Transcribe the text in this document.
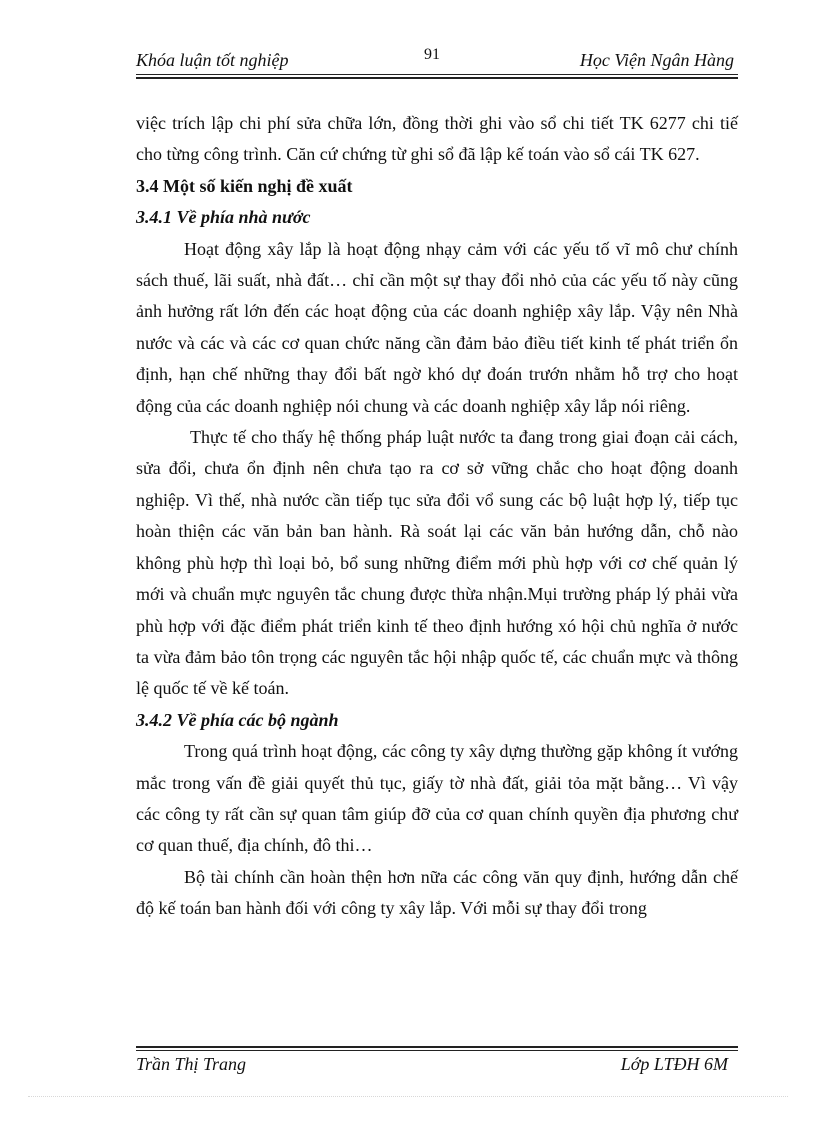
Khóa luận tốt nghiệp	91	Học Viện Ngân Hàng

việc trích lập chi phí sửa chữa lớn, đồng thời ghi vào sổ chi tiết TK 6277 chi tiế cho từng công trình. Căn cứ chứng từ ghi sổ đã lập kế toán vào sổ cái TK 627.

3.4 Một số kiến nghị đề xuất
3.4.1 Về phía nhà nước

Hoạt động xây lắp là hoạt động nhạy cảm với các yếu tố vĩ mô chư chính sách thuế, lãi suất, nhà đất… chỉ cần một sự thay đổi nhỏ của các yếu tố này cũng ảnh hưởng rất lớn đến các hoạt động của các doanh nghiệp xây lắp. Vậy nên Nhà nước và các và các cơ quan chức năng cần đảm bảo điều tiết kinh tế phát triển ổn định, hạn chế những thay đổi bất ngờ khó dự đoán trướn nhằm hỗ trợ cho hoạt động của các doanh nghiệp nói chung và các doanh nghiệp xây lắp nói riêng.

Thực tế cho thấy hệ thống pháp luật nước ta đang trong giai đoạn cải cách, sửa đổi, chưa ổn định nên chưa tạo ra cơ sở vững chắc cho hoạt động doanh nghiệp. Vì thế, nhà nước cần tiếp tục sửa đổi vổ sung các bộ luật hợp lý, tiếp tục hoàn thiện các văn bản ban hành. Rà soát lại các văn bản hướng dẫn, chỗ nào không phù hợp thì loại bỏ, bổ sung những điểm mới phù hợp với cơ chế quản lý mới và chuẩn mực nguyên tắc chung được thừa nhận.Mụi trường pháp lý phải vừa phù hợp với đặc điểm phát triển kinh tế theo định hướng xó hội chủ nghĩa ở nước ta vừa đảm bảo tôn trọng các nguyên tắc hội nhập quốc tế, các chuẩn mực và thông lệ quốc tế về kế toán.

3.4.2 Về phía các bộ ngành

Trong quá trình hoạt động, các công ty xây dựng thường gặp không ít vướng mắc trong vấn đề giải quyết thủ tục, giấy tờ nhà đất, giải tỏa mặt bằng… Vì vậy các công ty rất cần sự quan tâm giúp đỡ của cơ quan chính quyền địa phương chư cơ quan thuế, địa chính, đô thi…

Bộ tài chính cần hoàn thện hơn nữa các công văn quy định, hướng dẫn chế độ kế toán ban hành đối với công ty xây lắp. Với mỗi sự thay đổi trong

Trần Thị Trang	Lớp LTĐH 6M
